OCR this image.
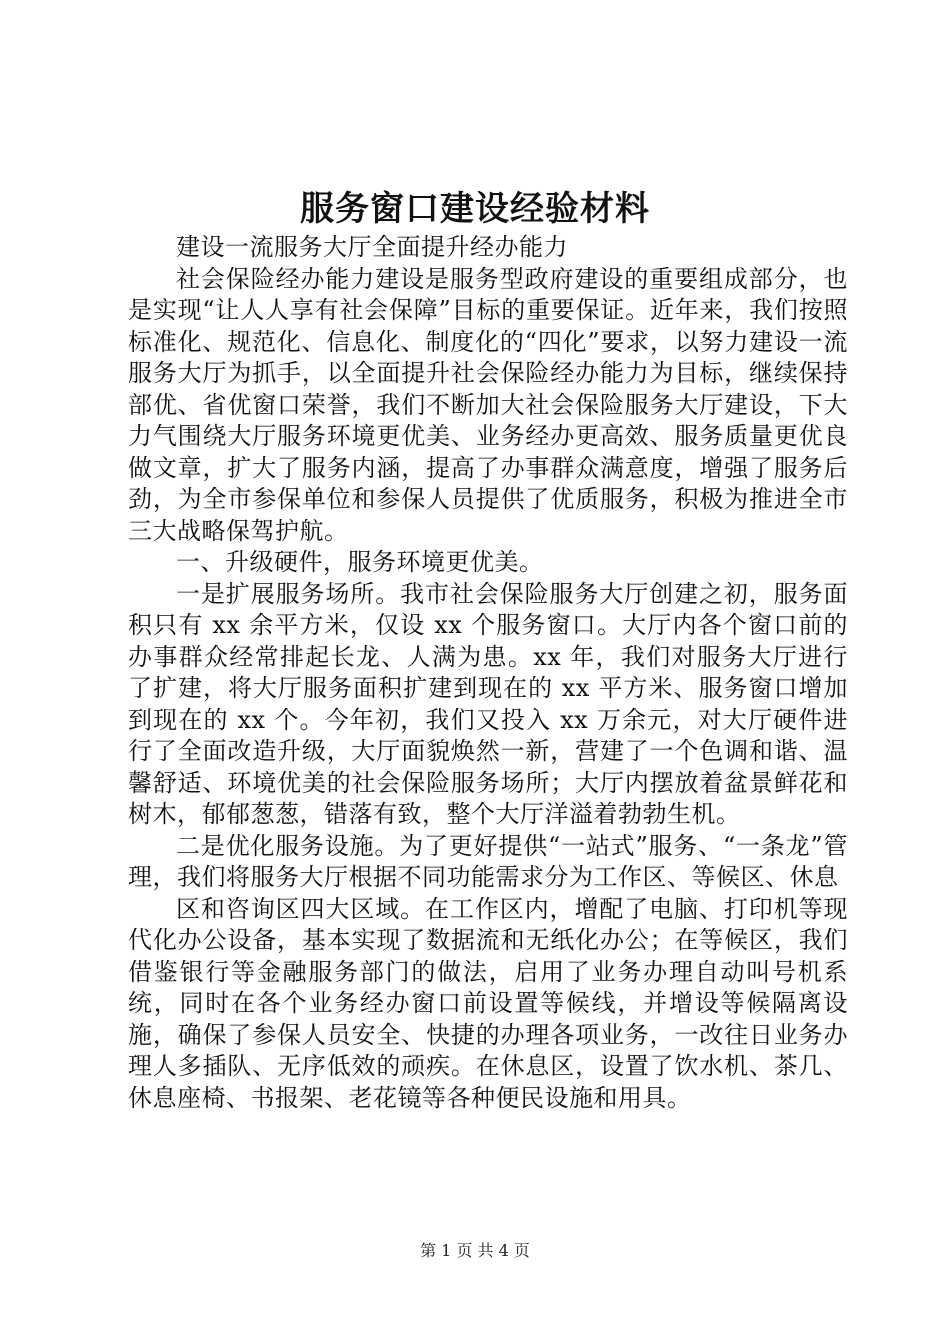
服务窗口建设经验材料

建设一流服务大厅全面提升经办能力

社会保险经办能力建设是服务型政府建设的重要组成部分，也是实现“让人人享有社会保障”目标的重要保证。近年来，我们按照标准化、规范化、信息化、制度化的“四化”要求，以努力建设一流服务大厅为抓手，以全面提升社会保险经办能力为目标，继续保持部优、省优窗口荣誉，我们不断加大社会保险服务大厅建设，下大力气围绕大厅服务环境更优美、业务经办更高效、服务质量更优良做文章，扩大了服务内涵，提高了办事群众满意度，增强了服务后劲，为全市参保单位和参保人员提供了优质服务，积极为推进全市三大战略保驾护航。

一、升级硬件，服务环境更优美。

一是扩展服务场所。我市社会保险服务大厅创建之初，服务面积只有 xx 余平方米，仅设 xx 个服务窗口。大厅内各个窗口前的办事群众经常排起长龙、人满为患。xx 年，我们对服务大厅进行了扩建，将大厅服务面积扩建到现在的 xx 平方米、服务窗口增加到现在的 xx 个。今年初，我们又投入 xx 万余元，对大厅硬件进行了全面改造升级，大厅面貌焕然一新，营建了一个色调和谐、温馨舒适、环境优美的社会保险服务场所；大厅内摆放着盆景鲜花和树木，郁郁葱葱，错落有致，整个大厅洋溢着勃勃生机。

二是优化服务设施。为了更好提供“一站式”服务、“一条龙”管理，我们将服务大厅根据不同功能需求分为工作区、等候区、休息

区和咨询区四大区域。在工作区内，增配了电脑、打印机等现代化办公设备，基本实现了数据流和无纸化办公；在等候区，我们借鉴银行等金融服务部门的做法，启用了业务办理自动叫号机系统，同时在各个业务经办窗口前设置等候线，并增设等候隔离设施，确保了参保人员安全、快捷的办理各项业务，一改往日业务办理人多插队、无序低效的顽疾。在休息区，设置了饮水机、茶几、休息座椅、书报架、老花镜等各种便民设施和用具。

第 1 页 共 4 页
